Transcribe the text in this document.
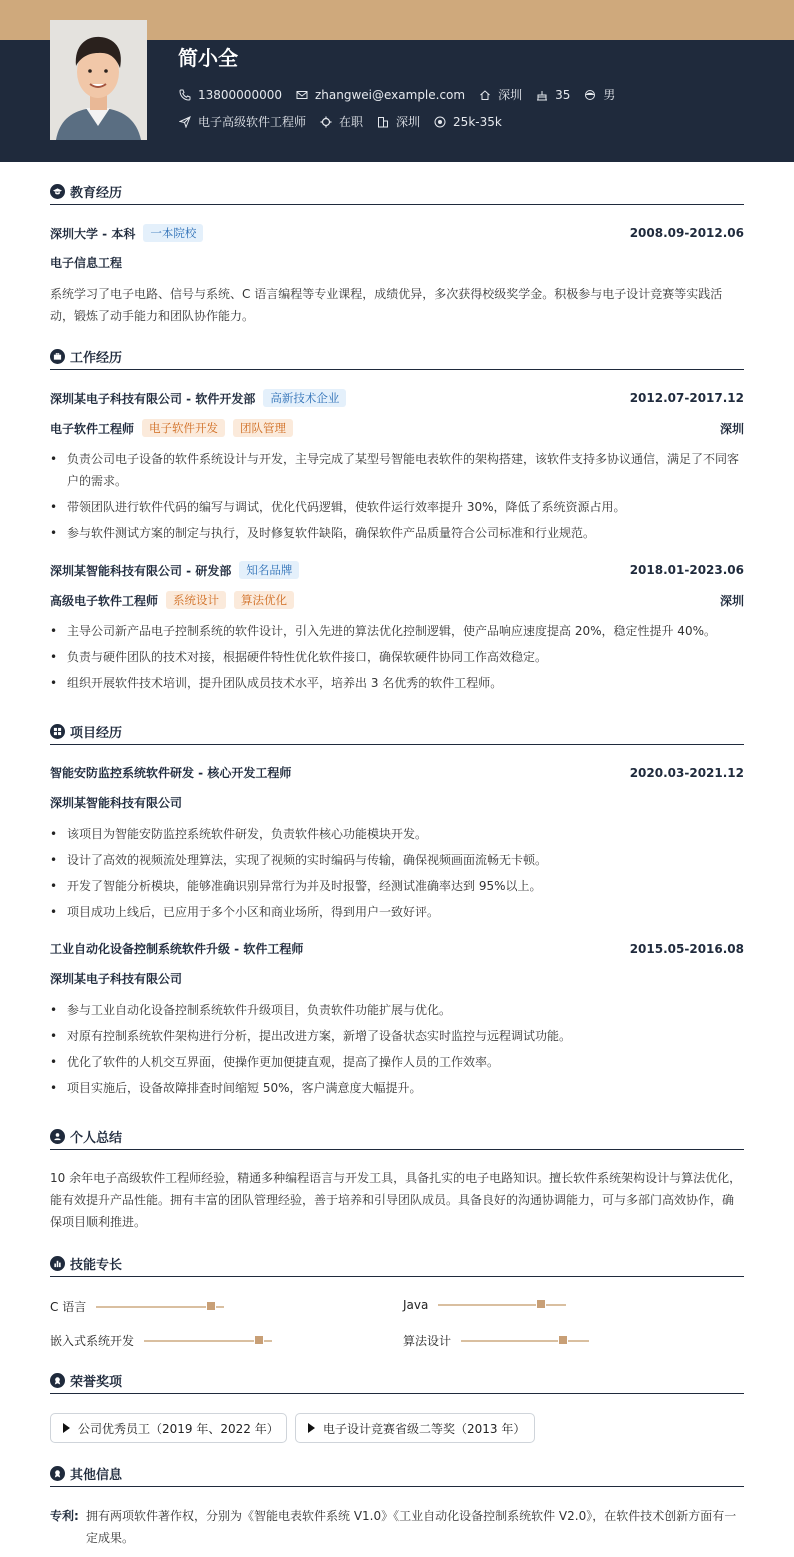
简小全
13800000000	zhangwei@example.com	深圳	35	男
电子高级软件工程师	在职	深圳	25k-35k
教育经历
深圳大学 - 本科	一本院校	2008.09-2012.06
电子信息工程
系统学习了电子电路、信号与系统、C 语言编程等专业课程，成绩优异，多次获得校级奖学金。积极参与电子设计竞赛等实践活动，锻炼了动手能力和团队协作能力。
工作经历
深圳某电子科技有限公司 - 软件开发部	高新技术企业	2012.07-2017.12
电子软件工程师	电子软件开发	团队管理	深圳
• 负责公司电子设备的软件系统设计与开发，主导完成了某型号智能电表软件的架构搭建，该软件支持多协议通信，满足了不同客户的需求。
• 带领团队进行软件代码的编写与调试，优化代码逻辑，使软件运行效率提升 30%，降低了系统资源占用。
• 参与软件测试方案的制定与执行，及时修复软件缺陷，确保软件产品质量符合公司标准和行业规范。
深圳某智能科技有限公司 - 研发部	知名品牌	2018.01-2023.06
高级电子软件工程师	系统设计	算法优化	深圳
• 主导公司新产品电子控制系统的软件设计，引入先进的算法优化控制逻辑，使产品响应速度提高 20%，稳定性提升 40%。
• 负责与硬件团队的技术对接，根据硬件特性优化软件接口，确保软硬件协同工作高效稳定。
• 组织开展软件技术培训，提升团队成员技术水平，培养出 3 名优秀的软件工程师。
项目经历
智能安防监控系统软件研发 - 核心开发工程师	2020.03-2021.12
深圳某智能科技有限公司
• 该项目为智能安防监控系统软件研发，负责软件核心功能模块开发。
• 设计了高效的视频流处理算法，实现了视频的实时编码与传输，确保视频画面流畅无卡顿。
• 开发了智能分析模块，能够准确识别异常行为并及时报警，经测试准确率达到 95%以上。
• 项目成功上线后，已应用于多个小区和商业场所，得到用户一致好评。
工业自动化设备控制系统软件升级 - 软件工程师	2015.05-2016.08
深圳某电子科技有限公司
• 参与工业自动化设备控制系统软件升级项目，负责软件功能扩展与优化。
• 对原有控制系统软件架构进行分析，提出改进方案，新增了设备状态实时监控与远程调试功能。
• 优化了软件的人机交互界面，使操作更加便捷直观，提高了操作人员的工作效率。
• 项目实施后，设备故障排查时间缩短 50%，客户满意度大幅提升。
个人总结
10 余年电子高级软件工程师经验，精通多种编程语言与开发工具，具备扎实的电子电路知识。擅长软件系统架构设计与算法优化，能有效提升产品性能。拥有丰富的团队管理经验，善于培养和引导团队成员。具备良好的沟通协调能力，可与多部门高效协作，确保项目顺利推进。
技能专长
C 语言	Java
嵌入式系统开发	算法设计
荣誉奖项
公司优秀员工（2019 年、2022 年）	电子设计竞赛省级二等奖（2013 年）
其他信息
专利: 拥有两项软件著作权，分别为《智能电表软件系统 V1.0》《工业自动化设备控制系统软件 V2.0》，在软件技术创新方面有一定成果。
